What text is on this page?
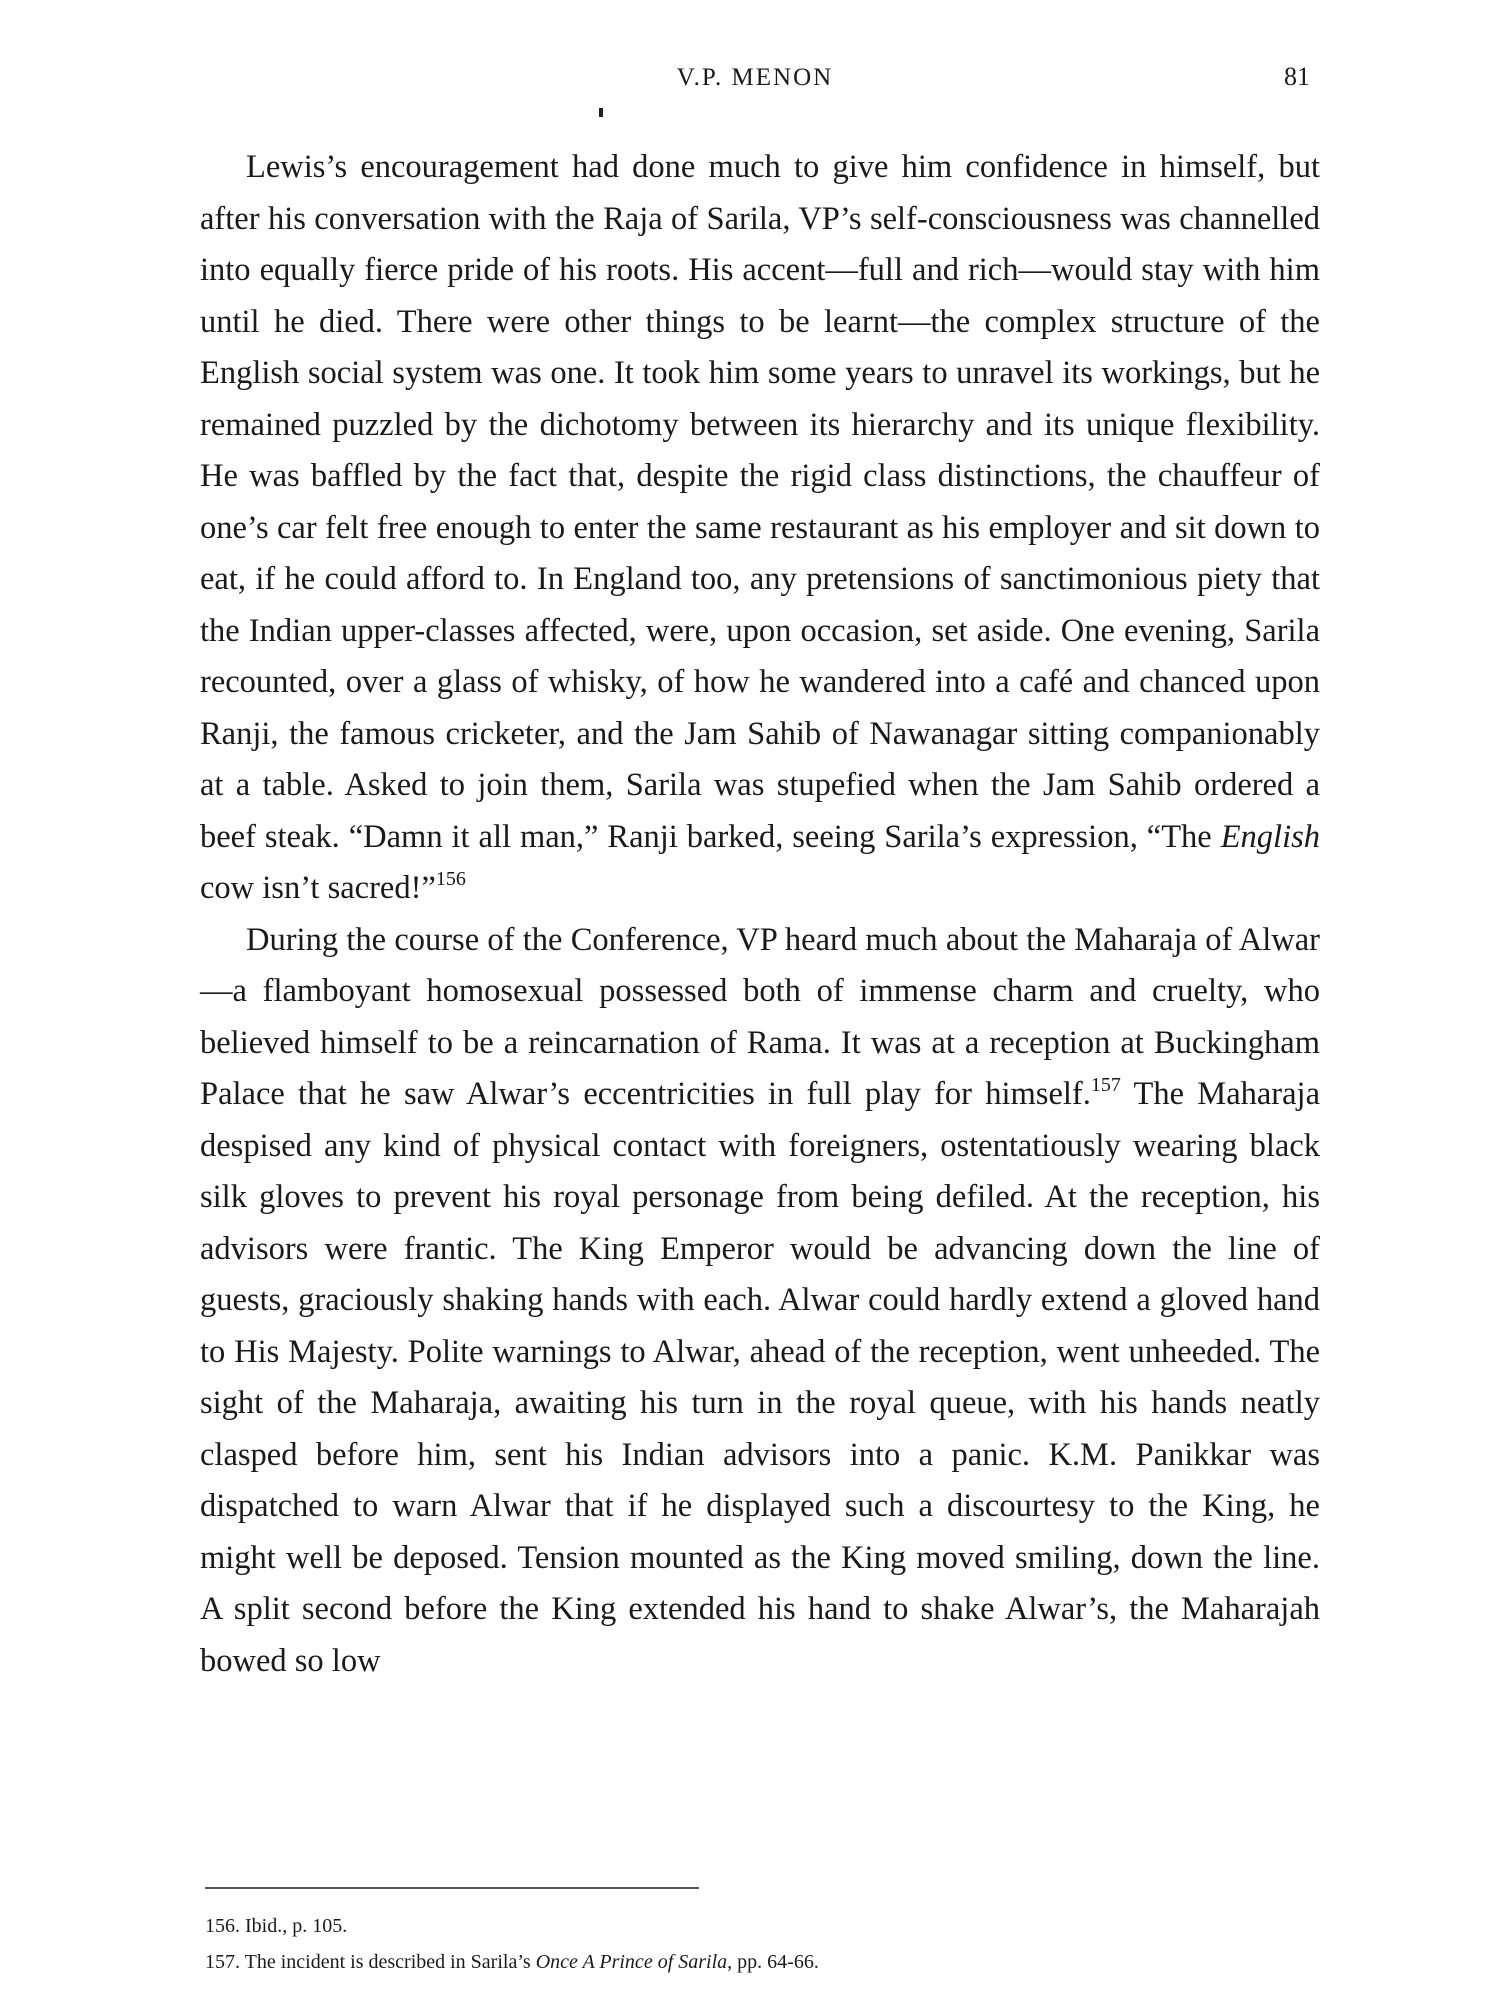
V.P. MENON	81

Lewis’s encouragement had done much to give him confidence in himself, but after his conversation with the Raja of Sarila, VP’s self-consciousness was channelled into equally fierce pride of his roots. His accent—full and rich—would stay with him until he died. There were other things to be learnt—the complex structure of the English social system was one. It took him some years to unravel its workings, but he remained puzzled by the dichotomy between its hierarchy and its unique flexibility. He was baffled by the fact that, despite the rigid class distinctions, the chauffeur of one’s car felt free enough to enter the same restaurant as his employer and sit down to eat, if he could afford to. In England too, any pretensions of sanctimonious piety that the Indian upper-classes affected, were, upon occasion, set aside. One evening, Sarila recounted, over a glass of whisky, of how he wandered into a café and chanced upon Ranji, the famous cricketer, and the Jam Sahib of Nawanagar sitting companionably at a table. Asked to join them, Sarila was stupefied when the Jam Sahib ordered a beef steak. “Damn it all man,” Ranji barked, seeing Sarila’s expression, “The English cow isn’t sacred!”$^{156}$

During the course of the Conference, VP heard much about the Maharaja of Alwar—a flamboyant homosexual possessed both of immense charm and cruelty, who believed himself to be a reincarnation of Rama. It was at a reception at Buckingham Palace that he saw Alwar’s eccentricities in full play for himself.$^{157}$ The Maharaja despised any kind of physical contact with foreigners, ostentatiously wearing black silk gloves to prevent his royal personage from being defiled. At the reception, his advisors were frantic. The King Emperor would be advancing down the line of guests, graciously shaking hands with each. Alwar could hardly extend a gloved hand to His Majesty. Polite warnings to Alwar, ahead of the reception, went unheeded. The sight of the Maharaja, awaiting his turn in the royal queue, with his hands neatly clasped before him, sent his Indian advisors into a panic. K.M. Panikkar was dispatched to warn Alwar that if he displayed such a discourtesy to the King, he might well be deposed. Tension mounted as the King moved smiling, down the line. A split second before the King extended his hand to shake Alwar’s, the Maharajah bowed so low

156. Ibid., p. 105.

157. The incident is described in Sarila’s Once A Prince of Sarila, pp. 64-66.
